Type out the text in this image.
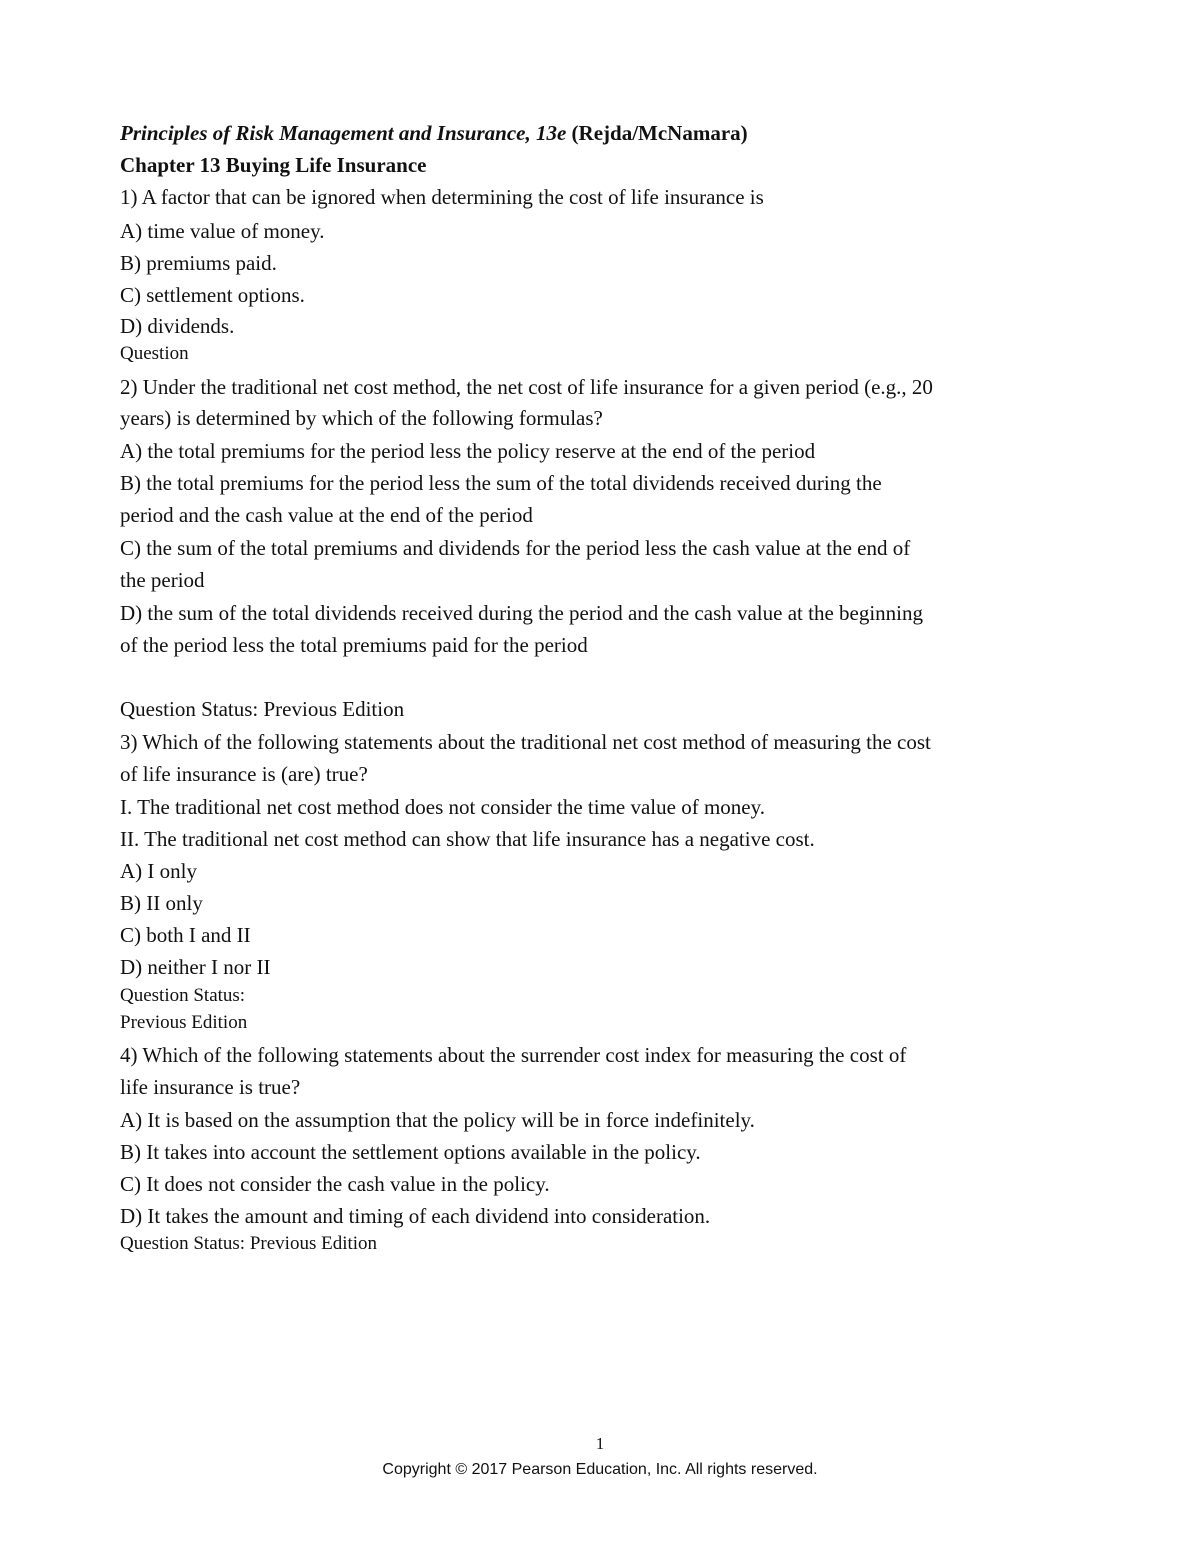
Principles of Risk Management and Insurance, 13e (Rejda/McNamara)
Chapter 13 Buying Life Insurance
1) A factor that can be ignored when determining the cost of life insurance is
A) time value of money.
B) premiums paid.
C) settlement options.
D) dividends.
Question
2) Under the traditional net cost method, the net cost of life insurance for a given period (e.g., 20
years) is determined by which of the following formulas?
A) the total premiums for the period less the policy reserve at the end of the period
B) the total premiums for the period less the sum of the total dividends received during the
period and the cash value at the end of the period
C) the sum of the total premiums and dividends for the period less the cash value at the end of
the period
D) the sum of the total dividends received during the period and the cash value at the beginning
of the period less the total premiums paid for the period
Question Status: Previous Edition
3) Which of the following statements about the traditional net cost method of measuring the cost
of life insurance is (are) true?
I. The traditional net cost method does not consider the time value of money.
II. The traditional net cost method can show that life insurance has a negative cost.
A) I only
B) II only
C) both I and II
D) neither I nor II
Question Status:
Previous Edition
4) Which of the following statements about the surrender cost index for measuring the cost of
life insurance is true?
A) It is based on the assumption that the policy will be in force indefinitely.
B) It takes into account the settlement options available in the policy.
C) It does not consider the cash value in the policy.
D) It takes the amount and timing of each dividend into consideration.
Question Status: Previous Edition
1
Copyright © 2017 Pearson Education, Inc. All rights reserved.
